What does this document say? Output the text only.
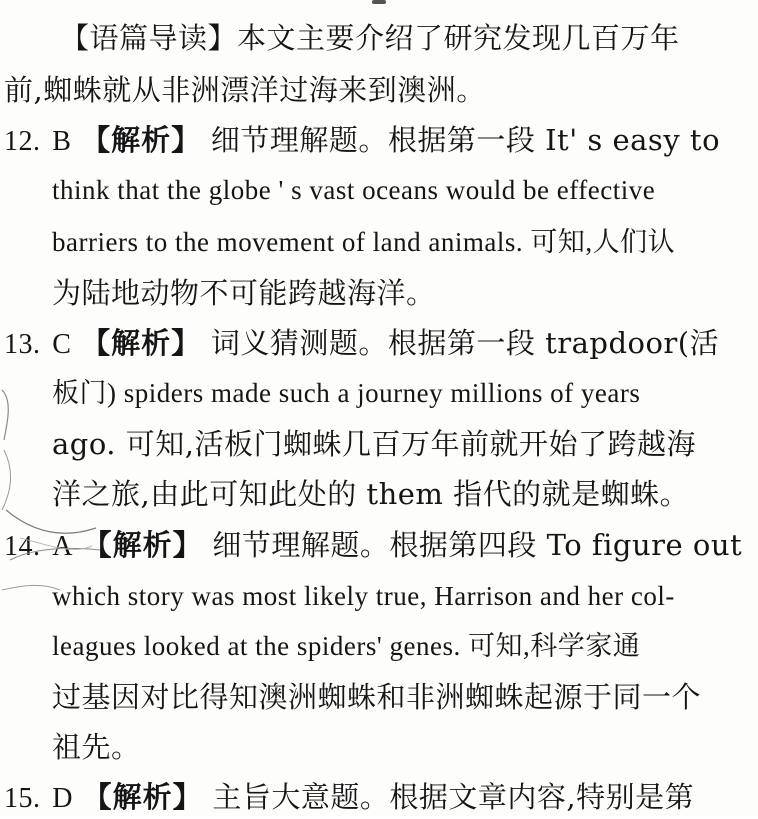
【语篇导读】本文主要介绍了研究发现几百万年
前,蜘蛛就从非洲漂洋过海来到澳洲。
12. B 【解析】 细节理解题。根据第一段 It' s easy to
think that the globe ' s vast oceans would be effective
barriers to the movement of land animals. 可知,人们认
为陆地动物不可能跨越海洋。
13. C 【解析】 词义猜测题。根据第一段 trapdoor(活
板门) spiders made such a journey millions of years
ago. 可知,活板门蜘蛛几百万年前就开始了跨越海
洋之旅,由此可知此处的 them 指代的就是蜘蛛。
14. A 【解析】 细节理解题。根据第四段 To figure out
which story was most likely true, Harrison and her col-
leagues looked at the spiders' genes. 可知,科学家通
过基因对比得知澳洲蜘蛛和非洲蜘蛛起源于同一个
祖先。
15. D 【解析】 主旨大意题。根据文章内容,特别是第
